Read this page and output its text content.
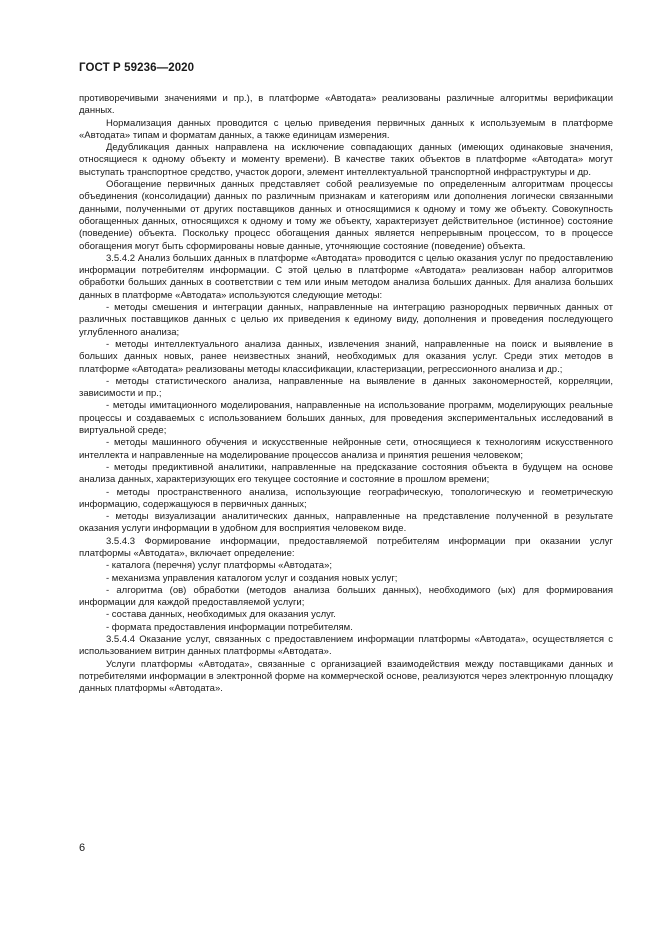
ГОСТ Р 59236—2020

противоречивыми значениями и пр.), в платформе «Автодата» реализованы различные алгоритмы верификации данных.

Нормализация данных проводится с целью приведения первичных данных к используемым в платформе «Автодата» типам и форматам данных, а также единицам измерения.

Дедубликация данных направлена на исключение совпадающих данных (имеющих одинаковые значения, относящиеся к одному объекту и моменту времени). В качестве таких объектов в платформе «Автодата» могут выступать транспортное средство, участок дороги, элемент интеллектуальной транспортной инфраструктуры и др.

Обогащение первичных данных представляет собой реализуемые по определенным алгоритмам процессы объединения (консолидации) данных по различным признакам и категориям или дополнения логически связанными данными, полученными от других поставщиков данных и относящимися к одному и тому же объекту. Совокупность обогащенных данных, относящихся к одному и тому же объекту, характеризует действительное (истинное) состояние (поведение) объекта. Поскольку процесс обогащения данных является непрерывным процессом, то в процессе обогащения могут быть сформированы новые данные, уточняющие состояние (поведение) объекта.

3.5.4.2 Анализ больших данных в платформе «Автодата» проводится с целью оказания услуг по предоставлению информации потребителям информации. С этой целью в платформе «Автодата» реализован набор алгоритмов обработки больших данных в соответствии с тем или иным методом анализа больших данных. Для анализа больших данных в платформе «Автодата» используются следующие методы:

- методы смешения и интеграции данных, направленные на интеграцию разнородных первичных данных от различных поставщиков данных с целью их приведения к единому виду, дополнения и проведения последующего углубленного анализа;

- методы интеллектуального анализа данных, извлечения знаний, направленные на поиск и выявление в больших данных новых, ранее неизвестных знаний, необходимых для оказания услуг. Среди этих методов в платформе «Автодата» реализованы методы классификации, кластеризации, регрессионного анализа и др.;

- методы статистического анализа, направленные на выявление в данных закономерностей, корреляции, зависимости и пр.;

- методы имитационного моделирования, направленные на использование программ, моделирующих реальные процессы и создаваемых с использованием больших данных, для проведения экспериментальных исследований в виртуальной среде;

- методы машинного обучения и искусственные нейронные сети, относящиеся к технологиям искусственного интеллекта и направленные на моделирование процессов анализа и принятия решения человеком;

- методы предиктивной аналитики, направленные на предсказание состояния объекта в будущем на основе анализа данных, характеризующих его текущее состояние и состояние в прошлом времени;

- методы пространственного анализа, использующие географическую, топологическую и геометрическую информацию, содержащуюся в первичных данных;

- методы визуализации аналитических данных, направленные на представление полученной в результате оказания услуги информации в удобном для восприятия человеком виде.

3.5.4.3 Формирование информации, предоставляемой потребителям информации при оказании услуг платформы «Автодата», включает определение:

- каталога (перечня) услуг платформы «Автодата»;

- механизма управления каталогом услуг и создания новых услуг;

- алгоритма (ов) обработки (методов анализа больших данных), необходимого (ых) для формирования информации для каждой предоставляемой услуги;

- состава данных, необходимых для оказания услуг.

- формата предоставления информации потребителям.

3.5.4.4 Оказание услуг, связанных с предоставлением информации платформы «Автодата», осуществляется с использованием витрин данных платформы «Автодата».

Услуги платформы «Автодата», связанные с организацией взаимодействия между поставщиками данных и потребителями информации в электронной форме на коммерческой основе, реализуются через электронную площадку данных платформы «Автодата».

6
